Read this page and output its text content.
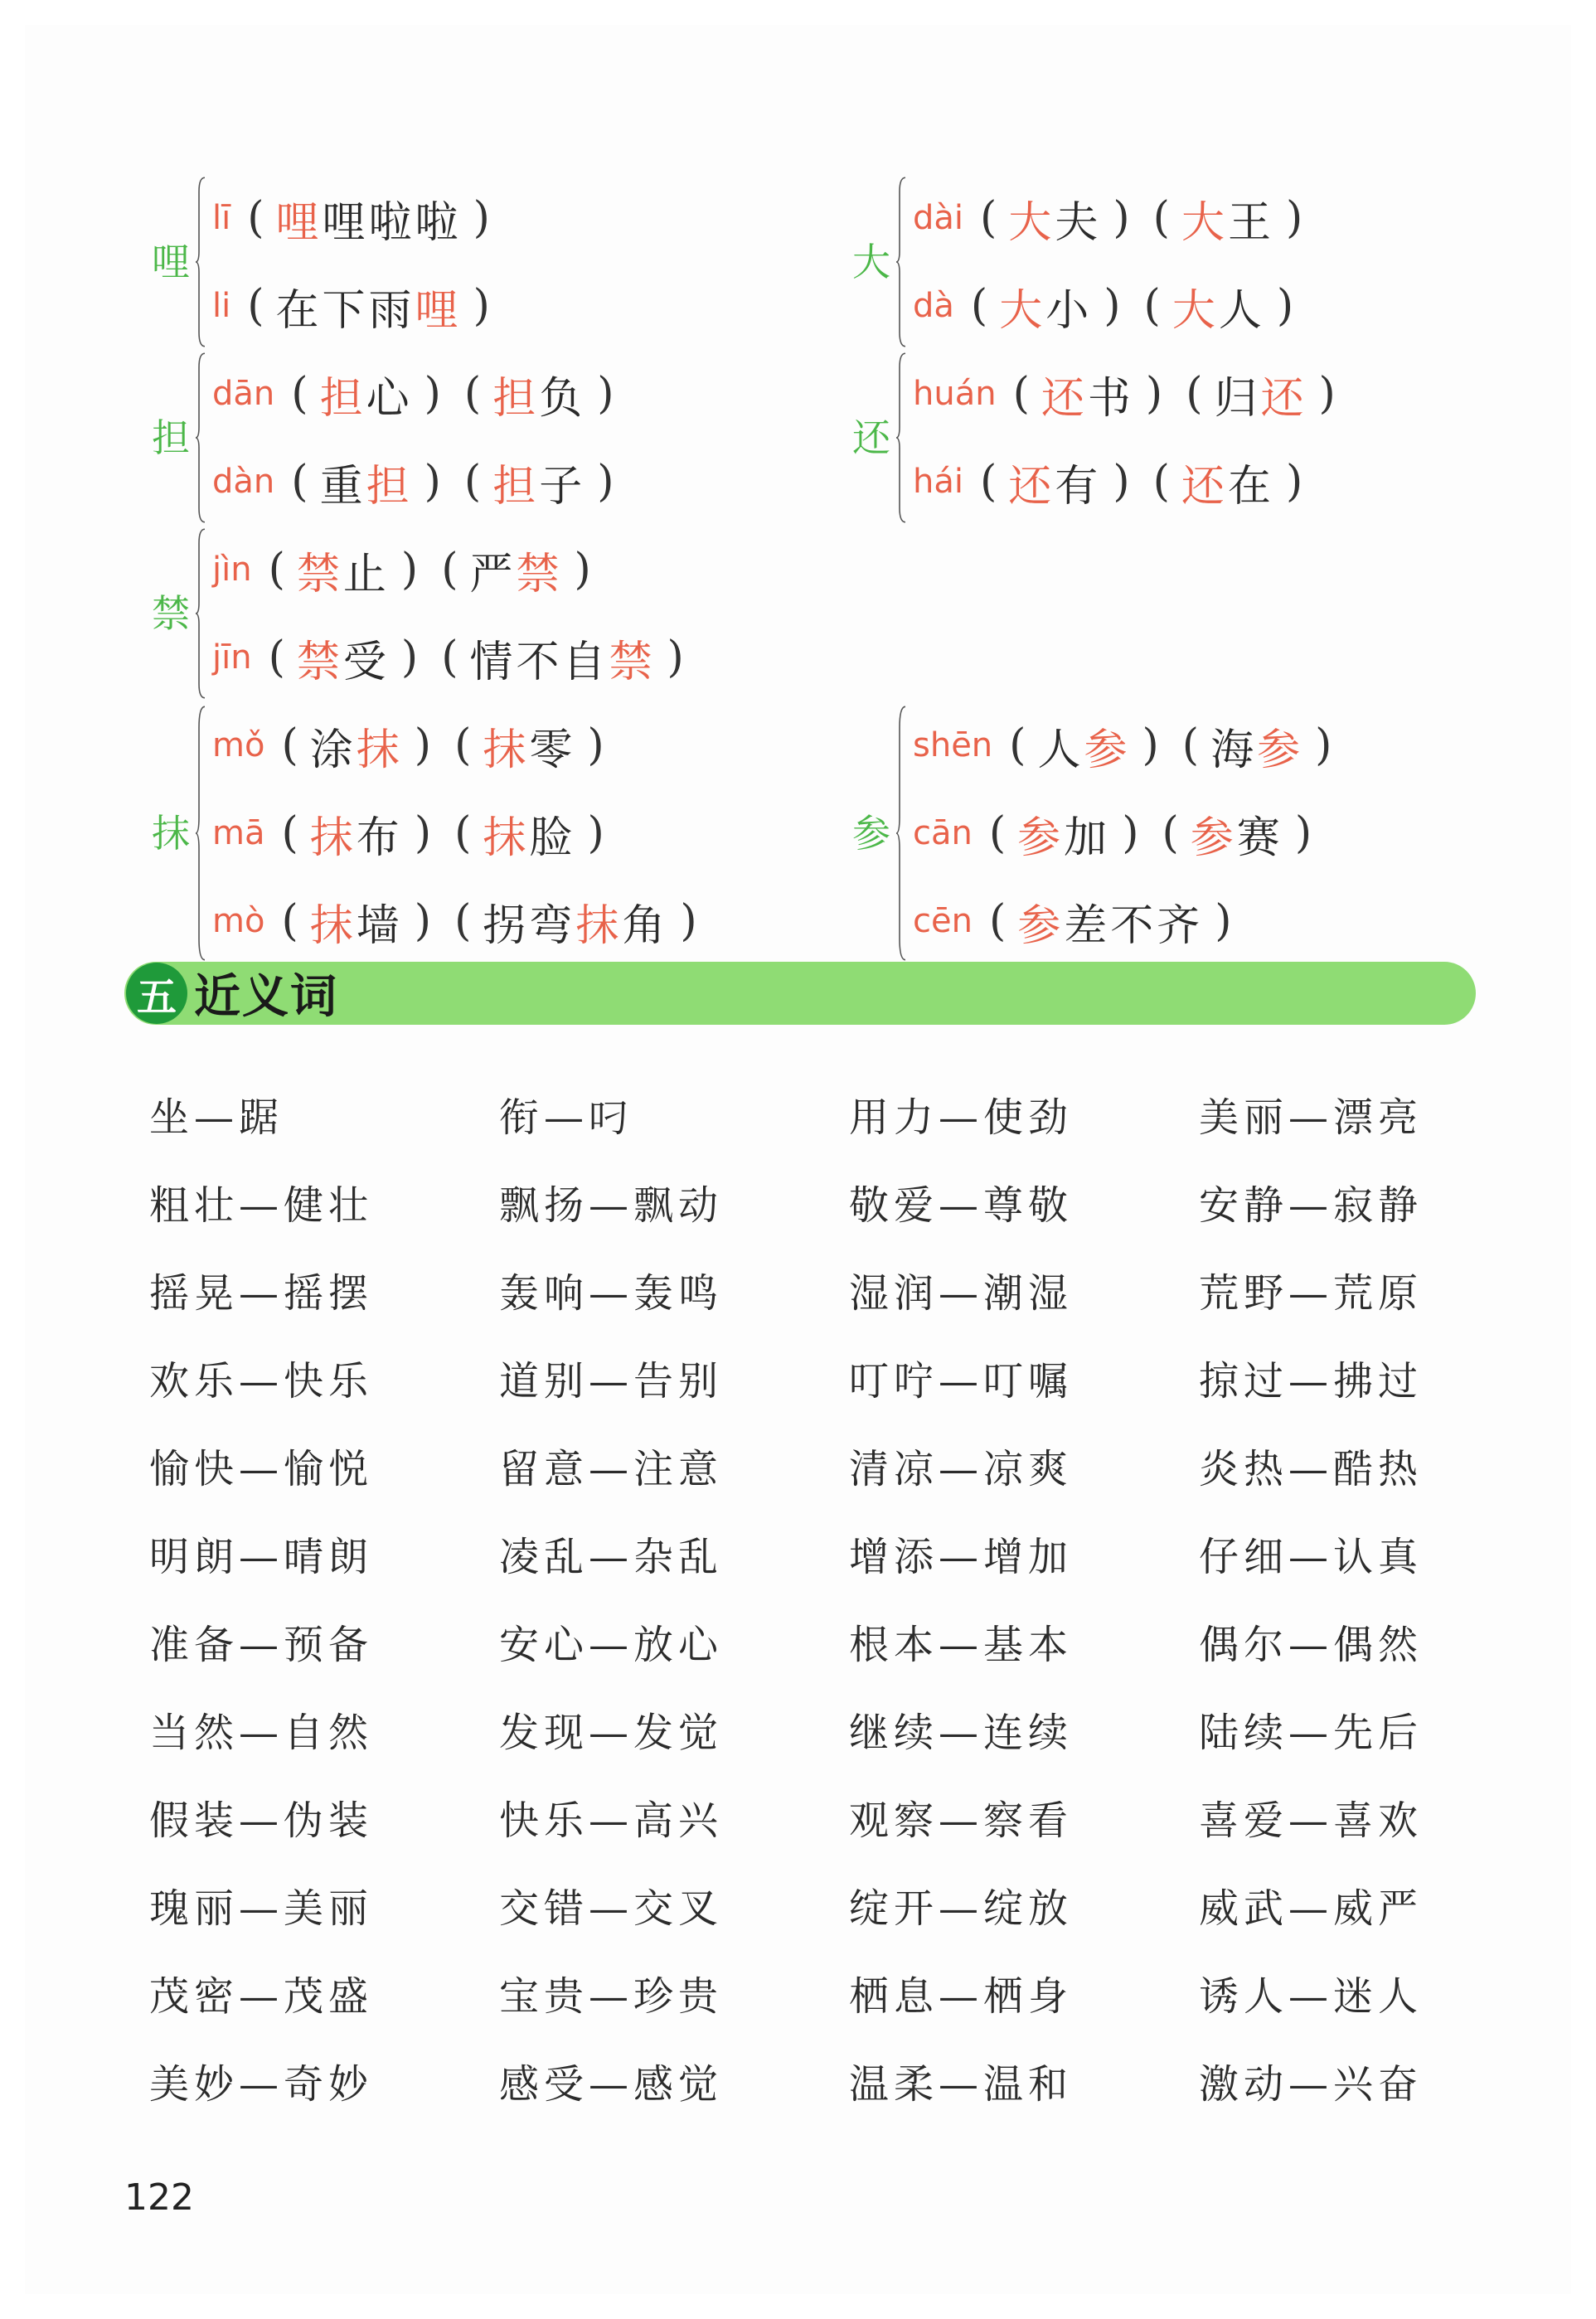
哩
lī ( 哩哩啦啦 )
li ( 在下雨哩 )
大
dài ( 大夫 ) ( 大王 )
dà ( 大小 ) ( 大人 )
担
dān ( 担心 ) ( 担负 )
dàn ( 重担 ) ( 担子 )
还
huán ( 还书 ) ( 归还 )
hái ( 还有 ) ( 还在 )
禁
jìn ( 禁止 ) ( 严禁 )
jīn ( 禁受 ) ( 情不自禁 )
抹
mǒ ( 涂抹 ) ( 抹零 )
mā ( 抹布 ) ( 抹脸 )
mò ( 抹墙 ) ( 拐弯抹角 )
参
shēn ( 人参 ) ( 海参 )
cān ( 参加 ) ( 参赛 )
cēn ( 参差不齐 )
五 近义词
坐—踞	衔—叼	用力—使劲	美丽—漂亮
粗壮—健壮	飘扬—飘动	敬爱—尊敬	安静—寂静
摇晃—摇摆	轰响—轰鸣	湿润—潮湿	荒野—荒原
欢乐—快乐	道别—告别	叮咛—叮嘱	掠过—拂过
愉快—愉悦	留意—注意	清凉—凉爽	炎热—酷热
明朗—晴朗	凌乱—杂乱	增添—增加	仔细—认真
准备—预备	安心—放心	根本—基本	偶尔—偶然
当然—自然	发现—发觉	继续—连续	陆续—先后
假装—伪装	快乐—高兴	观察—察看	喜爱—喜欢
瑰丽—美丽	交错—交叉	绽开—绽放	威武—威严
茂密—茂盛	宝贵—珍贵	栖息—栖身	诱人—迷人
美妙—奇妙	感受—感觉	温柔—温和	激动—兴奋
122
